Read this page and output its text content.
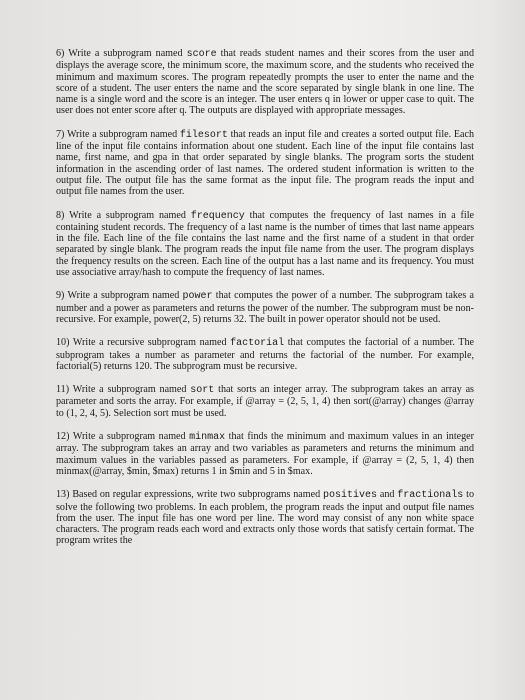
6) Write a subprogram named score that reads student names and their scores from the user and displays the average score, the minimum score, the maximum score, and the students who received the minimum and maximum scores. The program repeatedly prompts the user to enter the name and the score of a student. The user enters the name and the score separated by single blank in one line. The name is a single word and the score is an integer. The user enters q in lower or upper case to quit. The user does not enter score after q. The outputs are displayed with appropriate messages.

7) Write a subprogram named filesort that reads an input file and creates a sorted output file. Each line of the input file contains information about one student. Each line of the input file contains last name, first name, and gpa in that order separated by single blanks. The program sorts the student information in the ascending order of last names. The ordered student information is written to the output file. The output file has the same format as the input file. The program reads the input and output file names from the user.

8) Write a subprogram named frequency that computes the frequency of last names in a file containing student records. The frequency of a last name is the number of times that last name appears in the file. Each line of the file contains the last name and the first name of a student in that order separated by single blank. The program reads the input file name from the user. The program displays the frequency results on the screen. Each line of the output has a last name and its frequency. You must use associative array/hash to compute the frequency of last names.

9) Write a subprogram named power that computes the power of a number. The subprogram takes a number and a power as parameters and returns the power of the number. The subprogram must be non-recursive. For example, power(2, 5) returns 32. The built in power operator should not be used.

10) Write a recursive subprogram named factorial that computes the factorial of a number. The subprogram takes a number as parameter and returns the factorial of the number. For example, factorial(5) returns 120. The subprogram must be recursive.

11) Write a subprogram named sort that sorts an integer array. The subprogram takes an array as parameter and sorts the array. For example, if @array = (2, 5, 1, 4) then sort(@array) changes @array to (1, 2, 4, 5). Selection sort must be used.

12) Write a subprogram named minmax that finds the minimum and maximum values in an integer array. The subprogram takes an array and two variables as parameters and returns the minimum and maximum values in the variables passed as parameters. For example, if @array = (2, 5, 1, 4) then minmax(@array, $min, $max) returns 1 in $min and 5 in $max.

13) Based on regular expressions, write two subprograms named positives and fractionals to solve the following two problems. In each problem, the program reads the input and output file names from the user. The input file has one word per line. The word may consist of any non white space characters. The program reads each word and extracts only those words that satisfy certain format. The program writes the
